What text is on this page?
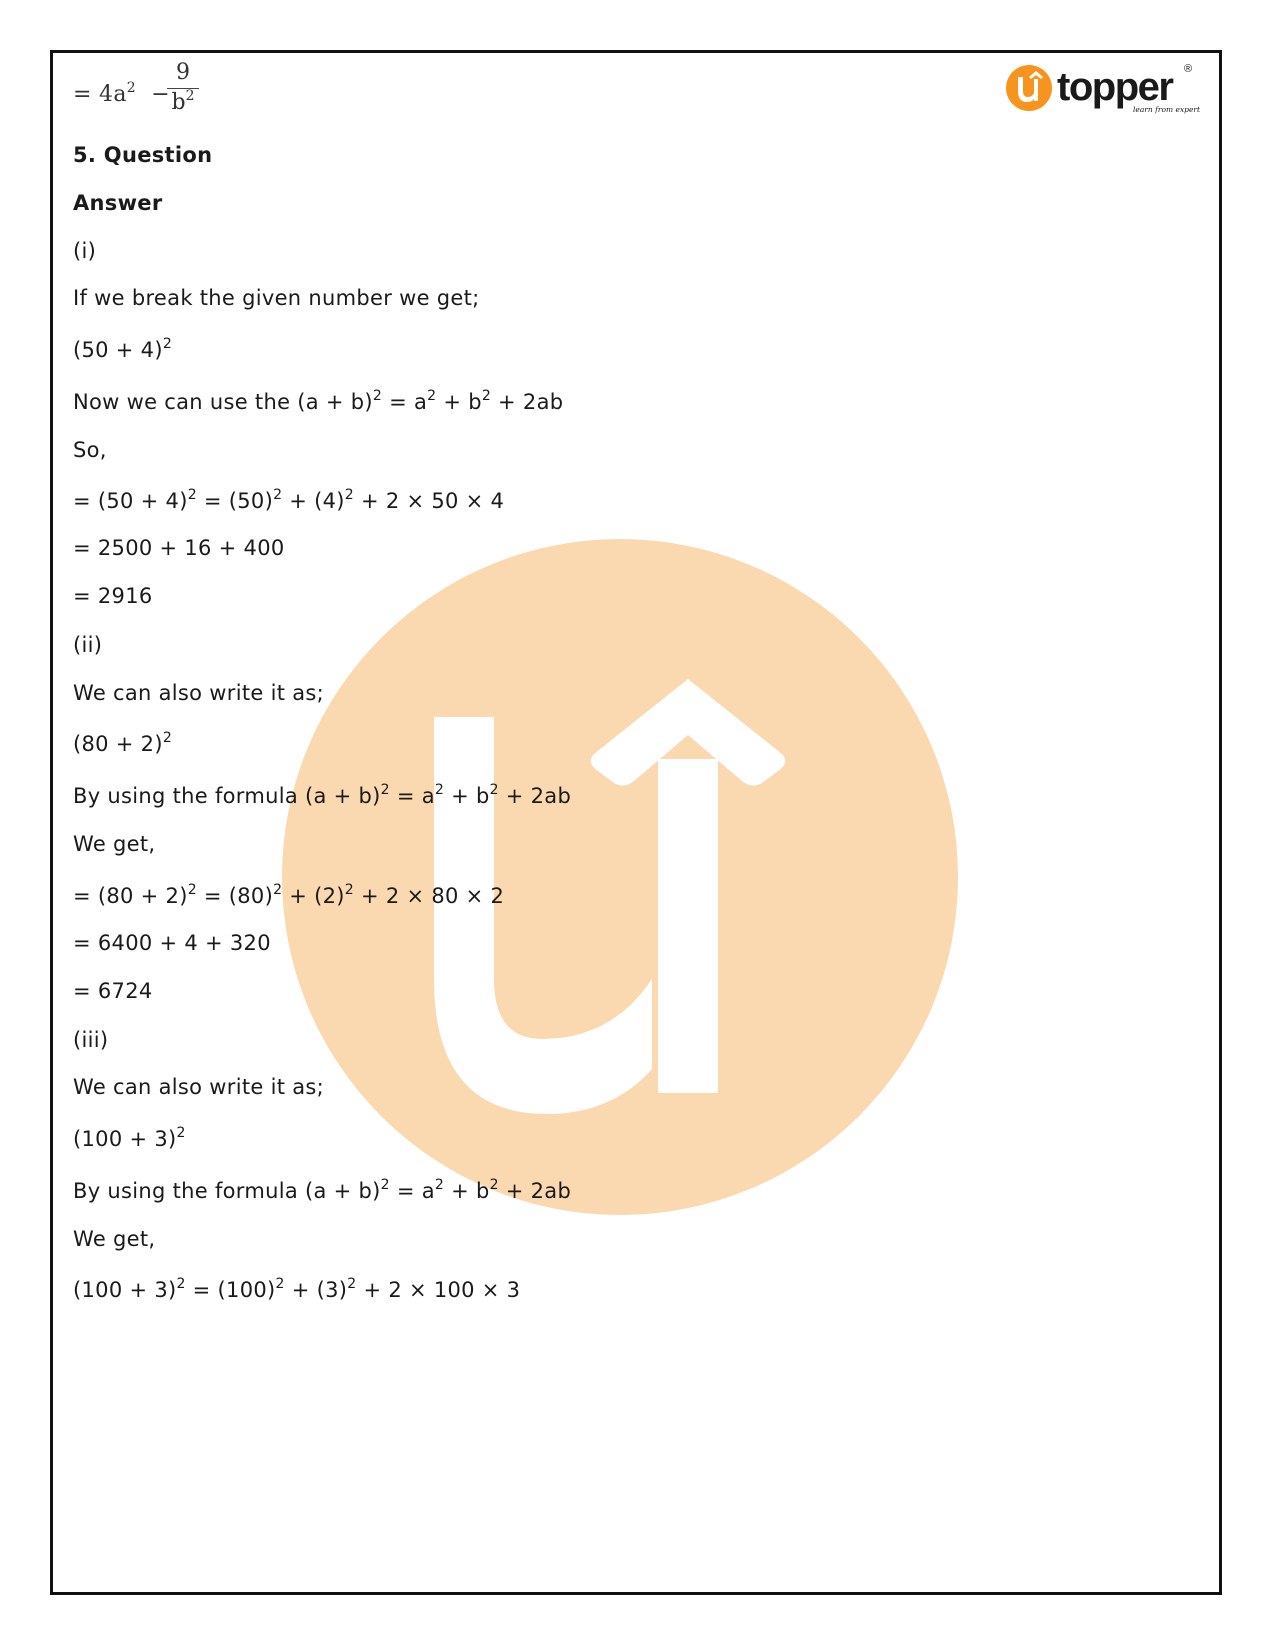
topper ®
learn from experts
= $4a^2$ −
$\frac{9}{b^2}$
5. Question
Answer
(i)
If we break the given number we get;
$(50 + 4)^2$
Now we can use the $(a + b)^2 = a^2 + b^2 + 2ab$
So,
= $(50 + 4)^2 = (50)^2 + (4)^2 + 2 \times 50 \times 4$
= 2500 + 16 + 400
= 2916
(ii)
We can also write it as;
$(80 + 2)^2$
By using the formula $(a + b)^2 = a^2 + b^2 + 2ab$
We get,
= $(80 + 2)^2 = (80)^2 + (2)^2 + 2 \times 80 \times 2$
= 6400 + 4 + 320
= 6724
(iii)
We can also write it as;
$(100 + 3)^2$
By using the formula $(a + b)^2 = a^2 + b^2 + 2ab$
We get,
$(100 + 3)^2 = (100)^2 + (3)^2 + 2 \times 100 \times 3$
